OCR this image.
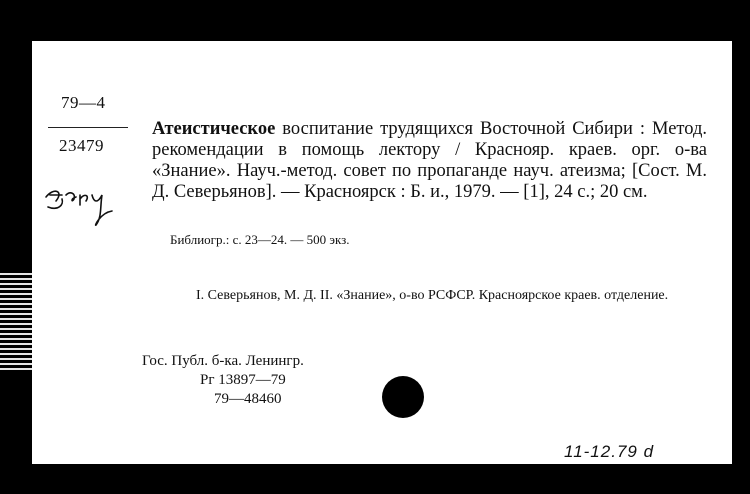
79—4
23479
Атеистическое воспитание трудящихся Восточной Сибири : Метод. рекомендации в помощь лектору / Краснояр. краев. орг. о-ва «Знание». Науч.-метод. совет по пропаганде науч. атеизма; [Сост. М. Д. Северьянов]. — Красноярск : Б. и., 1979. — [1], 24 с.; 20 см.
Библиогр.: с. 23—24. — 500 экз.
I. Северьянов, М. Д. II. «Знание», о-во РСФСР. Красноярское краев. отделение.
Гос. Публ. б-ка. Ленингр.
Рг 13897—79
79—48460
11-12.79 d
